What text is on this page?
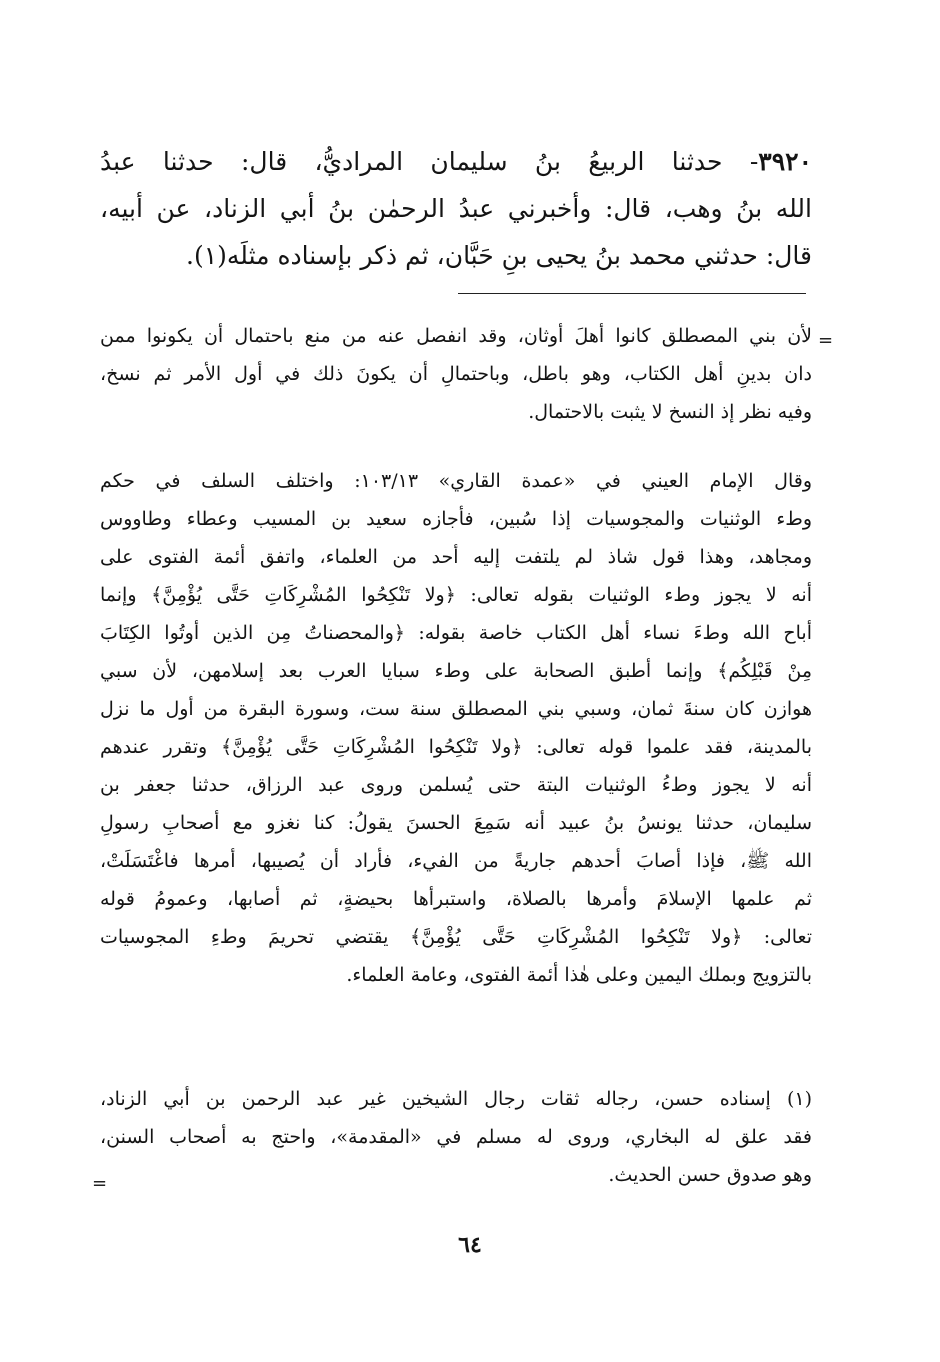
٣٩٢٠- حدثنا الربيعُ بنُ سليمان المراديُّ، قال: حدثنا عبدُ
الله بنُ وهب، قال: وأخبرني عبدُ الرحمٰن بنُ أبي الزناد، عن أبيه،
قال: حدثني محمد بنُ يحيى بنِ حَبَّان، ثم ذكر بإسناده مثلَه(١).
=
لأن بني المصطلق كانوا أهلَ أوثان، وقد انفصل عنه من منع باحتمال أن يكونوا ممن
دان بدينِ أهل الكتاب، وهو باطل، وباحتمالِ أن يكونَ ذلك في أول الأمر ثم نسخ،
وفيه نظر إذ النسخ لا يثبت بالاحتمال.
وقال الإمام العيني في «عمدة القاري» ١٠٣/١٣: واختلف السلف في حكم
وطء الوثنيات والمجوسيات إذا سُبين، فأجازه سعيد بن المسيب وعطاء وطاووس
ومجاهد، وهذا قول شاذ لم يلتفت إليه أحد من العلماء، واتفق أئمة الفتوى على
أنه لا يجوز وطء الوثنيات بقوله تعالى: ﴿ولا تَنْكِحُوا المُشْرِكَاتِ حَتَّى يُؤْمِنَّ﴾ وإنما
أباح الله وطءَ نساء أهل الكتاب خاصة بقوله: ﴿والمحصناتُ مِن الذين أوتُوا الكِتَابَ
مِنْ قَبْلِكُم﴾ وإنما أطبق الصحابة على وطء سبايا العرب بعد إسلامهن، لأن سبي
هوازن كان سنةَ ثمان، وسبي بني المصطلق سنة ست، وسورة البقرة من أول ما نزل
بالمدينة، فقد علموا قوله تعالى: ﴿ولا تَنْكِحُوا المُشْرِكَاتِ حَتَّى يُؤْمِنَّ﴾ وتقرر عندهم
أنه لا يجوز وطءُ الوثنيات البتة حتى يُسلمن وروى عبد الرزاق، حدثنا جعفر بن
سليمان، حدثنا يونسُ بنُ عبيد أنه سَمِعَ الحسنَ يقولُ: كنا نغزو مع أصحابِ رسولِ
الله ﷺ، فإذا أصابَ أحدهم جاريةً من الفيء، فأراد أن يُصيبها، أمرها فاغْتَسَلَتْ،
ثم علمها الإسلامَ وأمرها بالصلاة، واستبرأها بحيضةٍ، ثم أصابها، وعمومُ قوله
تعالى: ﴿ولا تَنْكِحُوا المُشْرِكَاتِ حَتَّى يُؤْمِنَّ﴾ يقتضي تحريمَ وطءِ المجوسيات
بالتزويج وبملك اليمين وعلى هٰذا أئمة الفتوى، وعامة العلماء.
(١) إسناده حسن، رجاله ثقات رجال الشيخين غير عبد الرحمن بن أبي الزناد،
فقد علق له البخاري، وروى له مسلم في «المقدمة»، واحتج به أصحاب السنن،
وهو صدوق حسن الحديث.
=
٦٤
